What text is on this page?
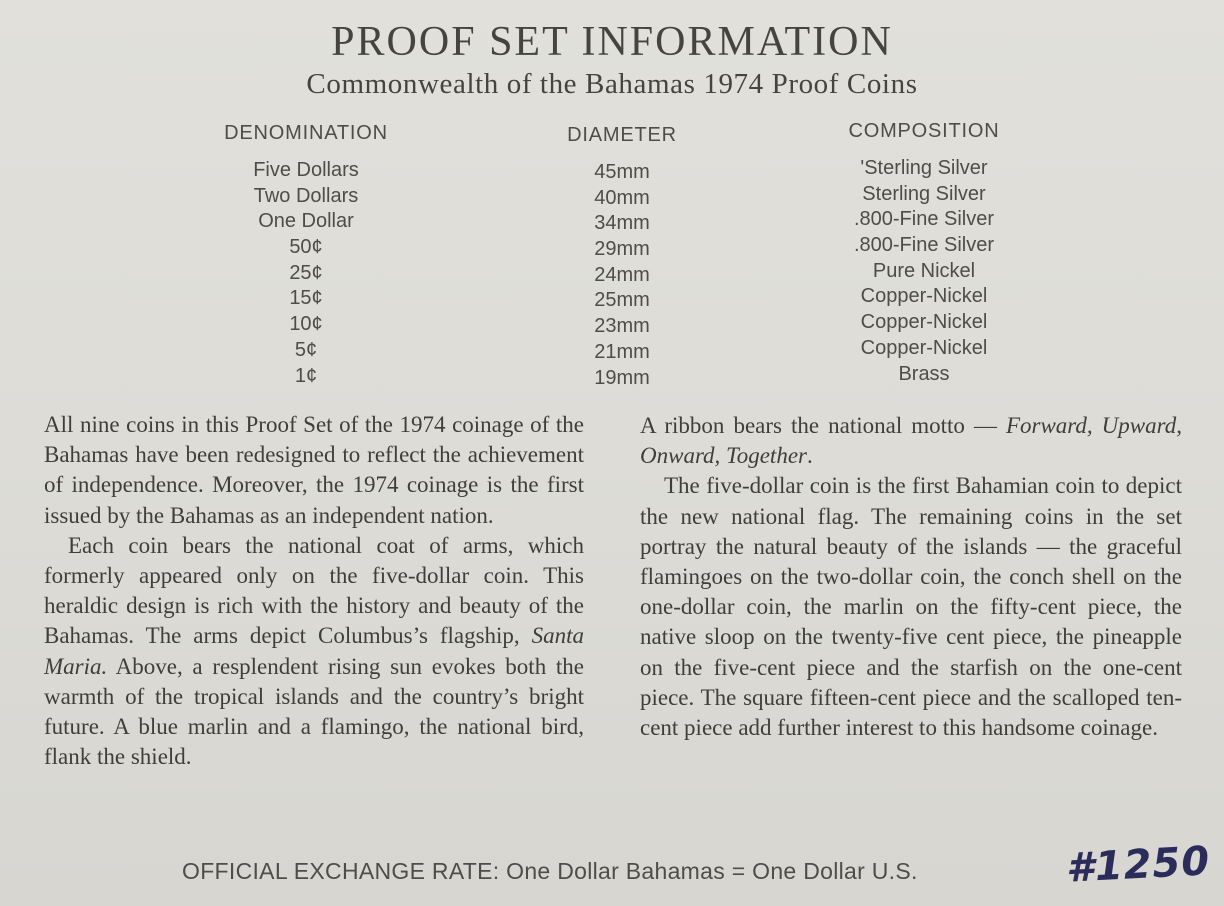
PROOF SET INFORMATION
Commonwealth of the Bahamas 1974 Proof Coins
DENOMINATION
Five Dollars
Two Dollars
One Dollar
50¢
25¢
15¢
10¢
5¢
1¢
DIAMETER
45mm
40mm
34mm
29mm
24mm
25mm
23mm
21mm
19mm
COMPOSITION
'Sterling Silver
Sterling Silver
.800-Fine Silver
.800-Fine Silver
Pure Nickel
Copper-Nickel
Copper-Nickel
Copper-Nickel
Brass
All nine coins in this Proof Set of the 1974 coinage of the Bahamas have been redesigned to reflect the achievement of independence. Moreover, the 1974 coinage is the first issued by the Bahamas as an independent nation.
Each coin bears the national coat of arms, which formerly appeared only on the five-dollar coin. This heraldic design is rich with the history and beauty of the Bahamas. The arms depict Columbus’s flagship, Santa Maria. Above, a resplendent rising sun evokes both the warmth of the tropical islands and the country’s bright future. A blue marlin and a flamingo, the national bird, flank the shield.
A ribbon bears the national motto — Forward, Upward, Onward, Together.
The five-dollar coin is the first Bahamian coin to depict the new national flag. The remaining coins in the set portray the natural beauty of the islands — the graceful flamingoes on the two-dollar coin, the conch shell on the one-dollar coin, the marlin on the fifty-cent piece, the native sloop on the twenty-five cent piece, the pineapple on the five-cent piece and the starfish on the one-cent piece. The square fifteen-cent piece and the scalloped ten-cent piece add further interest to this handsome coinage.
OFFICIAL EXCHANGE RATE: One Dollar Bahamas = One Dollar U.S.	#1250
